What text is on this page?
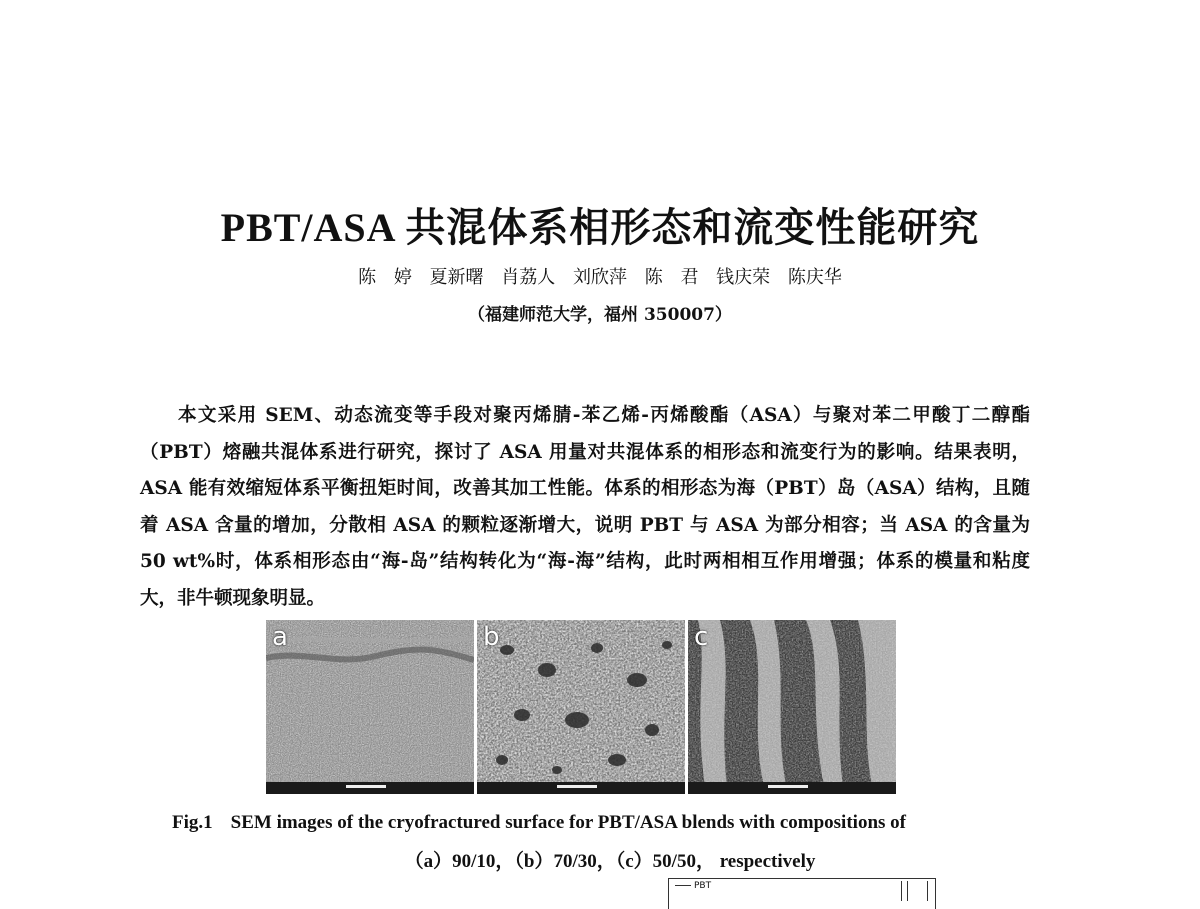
PBT/ASA 共混体系相形态和流变性能研究
陈 婷 夏新曙 肖荔人 刘欣萍 陈 君 钱庆荣 陈庆华
（福建师范大学，福州 350007）
本文采用 SEM、动态流变等手段对聚丙烯腈-苯乙烯-丙烯酸酯（ASA）与聚对苯二甲酸丁二醇酯（PBT）熔融共混体系进行研究，探讨了 ASA 用量对共混体系的相形态和流变行为的影响。结果表明，ASA 能有效缩短体系平衡扭矩时间，改善其加工性能。体系的相形态为海（PBT）岛（ASA）结构，且随着 ASA 含量的增加，分散相 ASA 的颗粒逐渐增大，说明 PBT 与 ASA 为部分相容；当 ASA 的含量为 50 wt%时，体系相形态由“海-岛”结构转化为“海-海”结构，此时两相相互作用增强；体系的模量和粘度大，非牛顿现象明显。
a	b	c
Fig.1 SEM images of the cryofractured surface for PBT/ASA blends with compositions of
（a）90/10，（b）70/30，（c）50/50， respectively
PBT
